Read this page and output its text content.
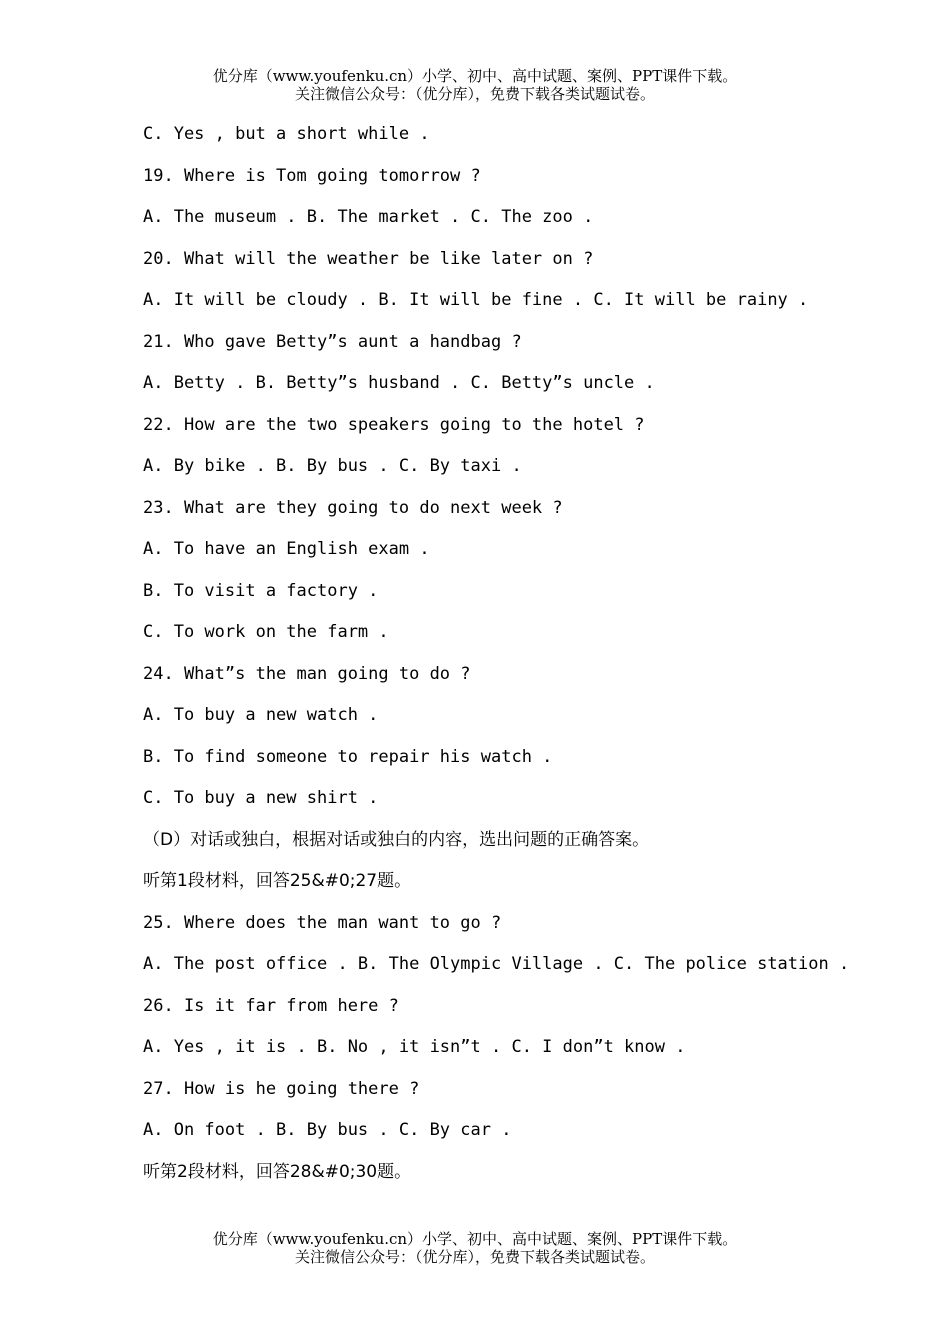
优分库（www.youfenku.cn）小学、初中、高中试题、案例、PPT课件下载。
关注微信公众号：（优分库），免费下载各类试题试卷。
C. Yes , but a short while .
19. Where is Tom going tomorrow ?
A. The museum . B. The market . C. The zoo .
20. What will the weather be like later on ?
A. It will be cloudy . B. It will be fine . C. It will be rainy .
21. Who gave Betty”s aunt a handbag ?
A. Betty . B. Betty”s husband . C. Betty”s uncle .
22. How are the two speakers going to the hotel ?
A. By bike . B. By bus . C. By taxi .
23. What are they going to do next week ?
A. To have an English exam .
B. To visit a factory .
C. To work on the farm .
24. What”s the man going to do ?
A. To buy a new watch .
B. To find someone to repair his watch .
C. To buy a new shirt .
（D）对话或独白，根据对话或独白的内容，选出问题的正确答案。
听第1段材料，回答25&#0;27题。
25. Where does the man want to go ?
A. The post office . B. The Olympic Village . C. The police station .
26. Is it far from here ?
A. Yes , it is . B. No , it isn”t . C. I don”t know .
27. How is he going there ?
A. On foot . B. By bus . C. By car .
听第2段材料，回答28&#0;30题。
优分库（www.youfenku.cn）小学、初中、高中试题、案例、PPT课件下载。
关注微信公众号：（优分库），免费下载各类试题试卷。
